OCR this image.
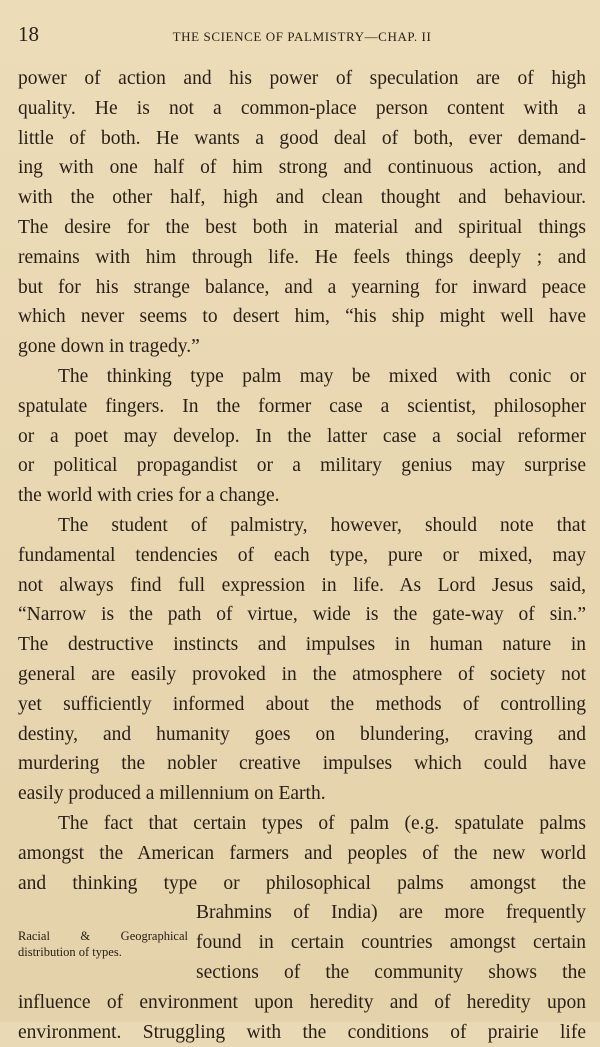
18	THE SCIENCE OF PALMISTRY—CHAP. II

power of action and his power of speculation are of high
quality. He is not a common-place person content with a
little of both. He wants a good deal of both, ever demand-
ing with one half of him strong and continuous action, and
with the other half, high and clean thought and behaviour.
The desire for the best both in material and spiritual things
remains with him through life. He feels things deeply ; and
but for his strange balance, and a yearning for inward peace
which never seems to desert him, “his ship might well have
gone down in tragedy.”

The thinking type palm may be mixed with conic or
spatulate fingers. In the former case a scientist, philosopher
or a poet may develop. In the latter case a social reformer
or political propagandist or a military genius may surprise
the world with cries for a change.

The student of palmistry, however, should note that
fundamental tendencies of each type, pure or mixed, may
not always find full expression in life. As Lord Jesus said,
“Narrow is the path of virtue, wide is the gate-way of sin.”
The destructive instincts and impulses in human nature in
general are easily provoked in the atmosphere of society not
yet sufficiently informed about the methods of controlling
destiny, and humanity goes on blundering, craving and
murdering the nobler creative impulses which could have
easily produced a millennium on Earth.

The fact that certain types of palm (e.g. spatulate palms
amongst the American farmers and peoples of the new world
and thinking type or philosophical palms amongst the
Racial & Geographical distribution of types.
Brahmins of India) are more frequently
found in certain countries amongst certain
sections of the community shows the
influence of environment upon heredity and of heredity upon
environment. Struggling with the conditions of prairie life
